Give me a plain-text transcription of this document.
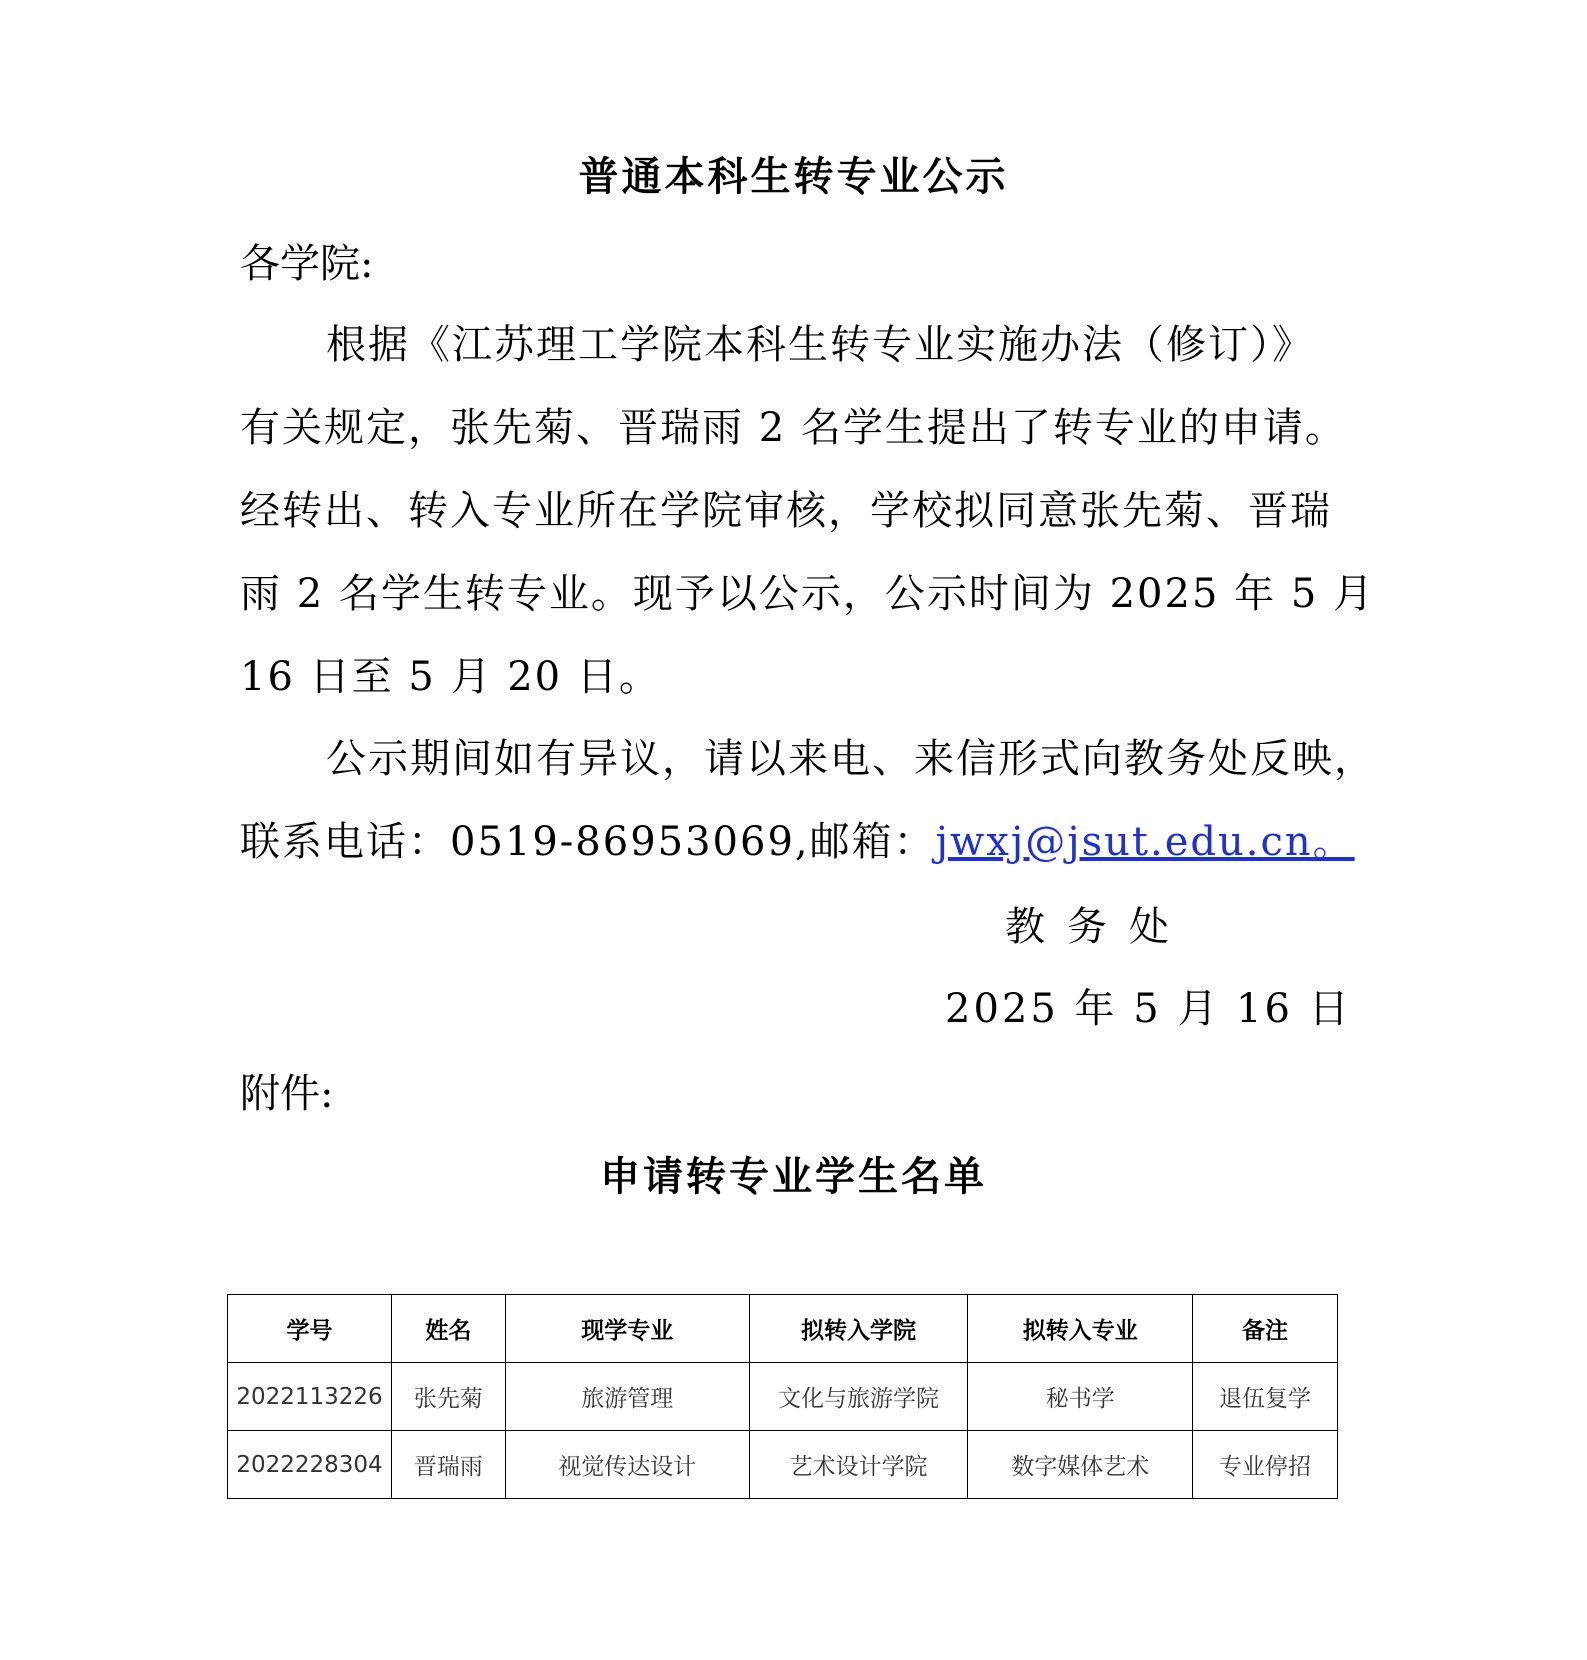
普通本科生转专业公示
各学院:
根据《江苏理工学院本科生转专业实施办法（修订）》
有关规定，张先菊、晋瑞雨 2 名学生提出了转专业的申请。
经转出、转入专业所在学院审核，学校拟同意张先菊、晋瑞
雨 2 名学生转专业。现予以公示，公示时间为 2025 年 5 月
16 日至 5 月 20 日。
公示期间如有异议，请以来电、来信形式向教务处反映，
联系电话：0519-86953069,邮箱：jwxj@jsut.edu.cn。
教务处
2025 年 5 月 16 日
附件:
申请转专业学生名单
学号	姓名	现学专业	拟转入学院	拟转入专业	备注
2022113226	张先菊	旅游管理	文化与旅游学院	秘书学	退伍复学
2022228304	晋瑞雨	视觉传达设计	艺术设计学院	数字媒体艺术	专业停招
